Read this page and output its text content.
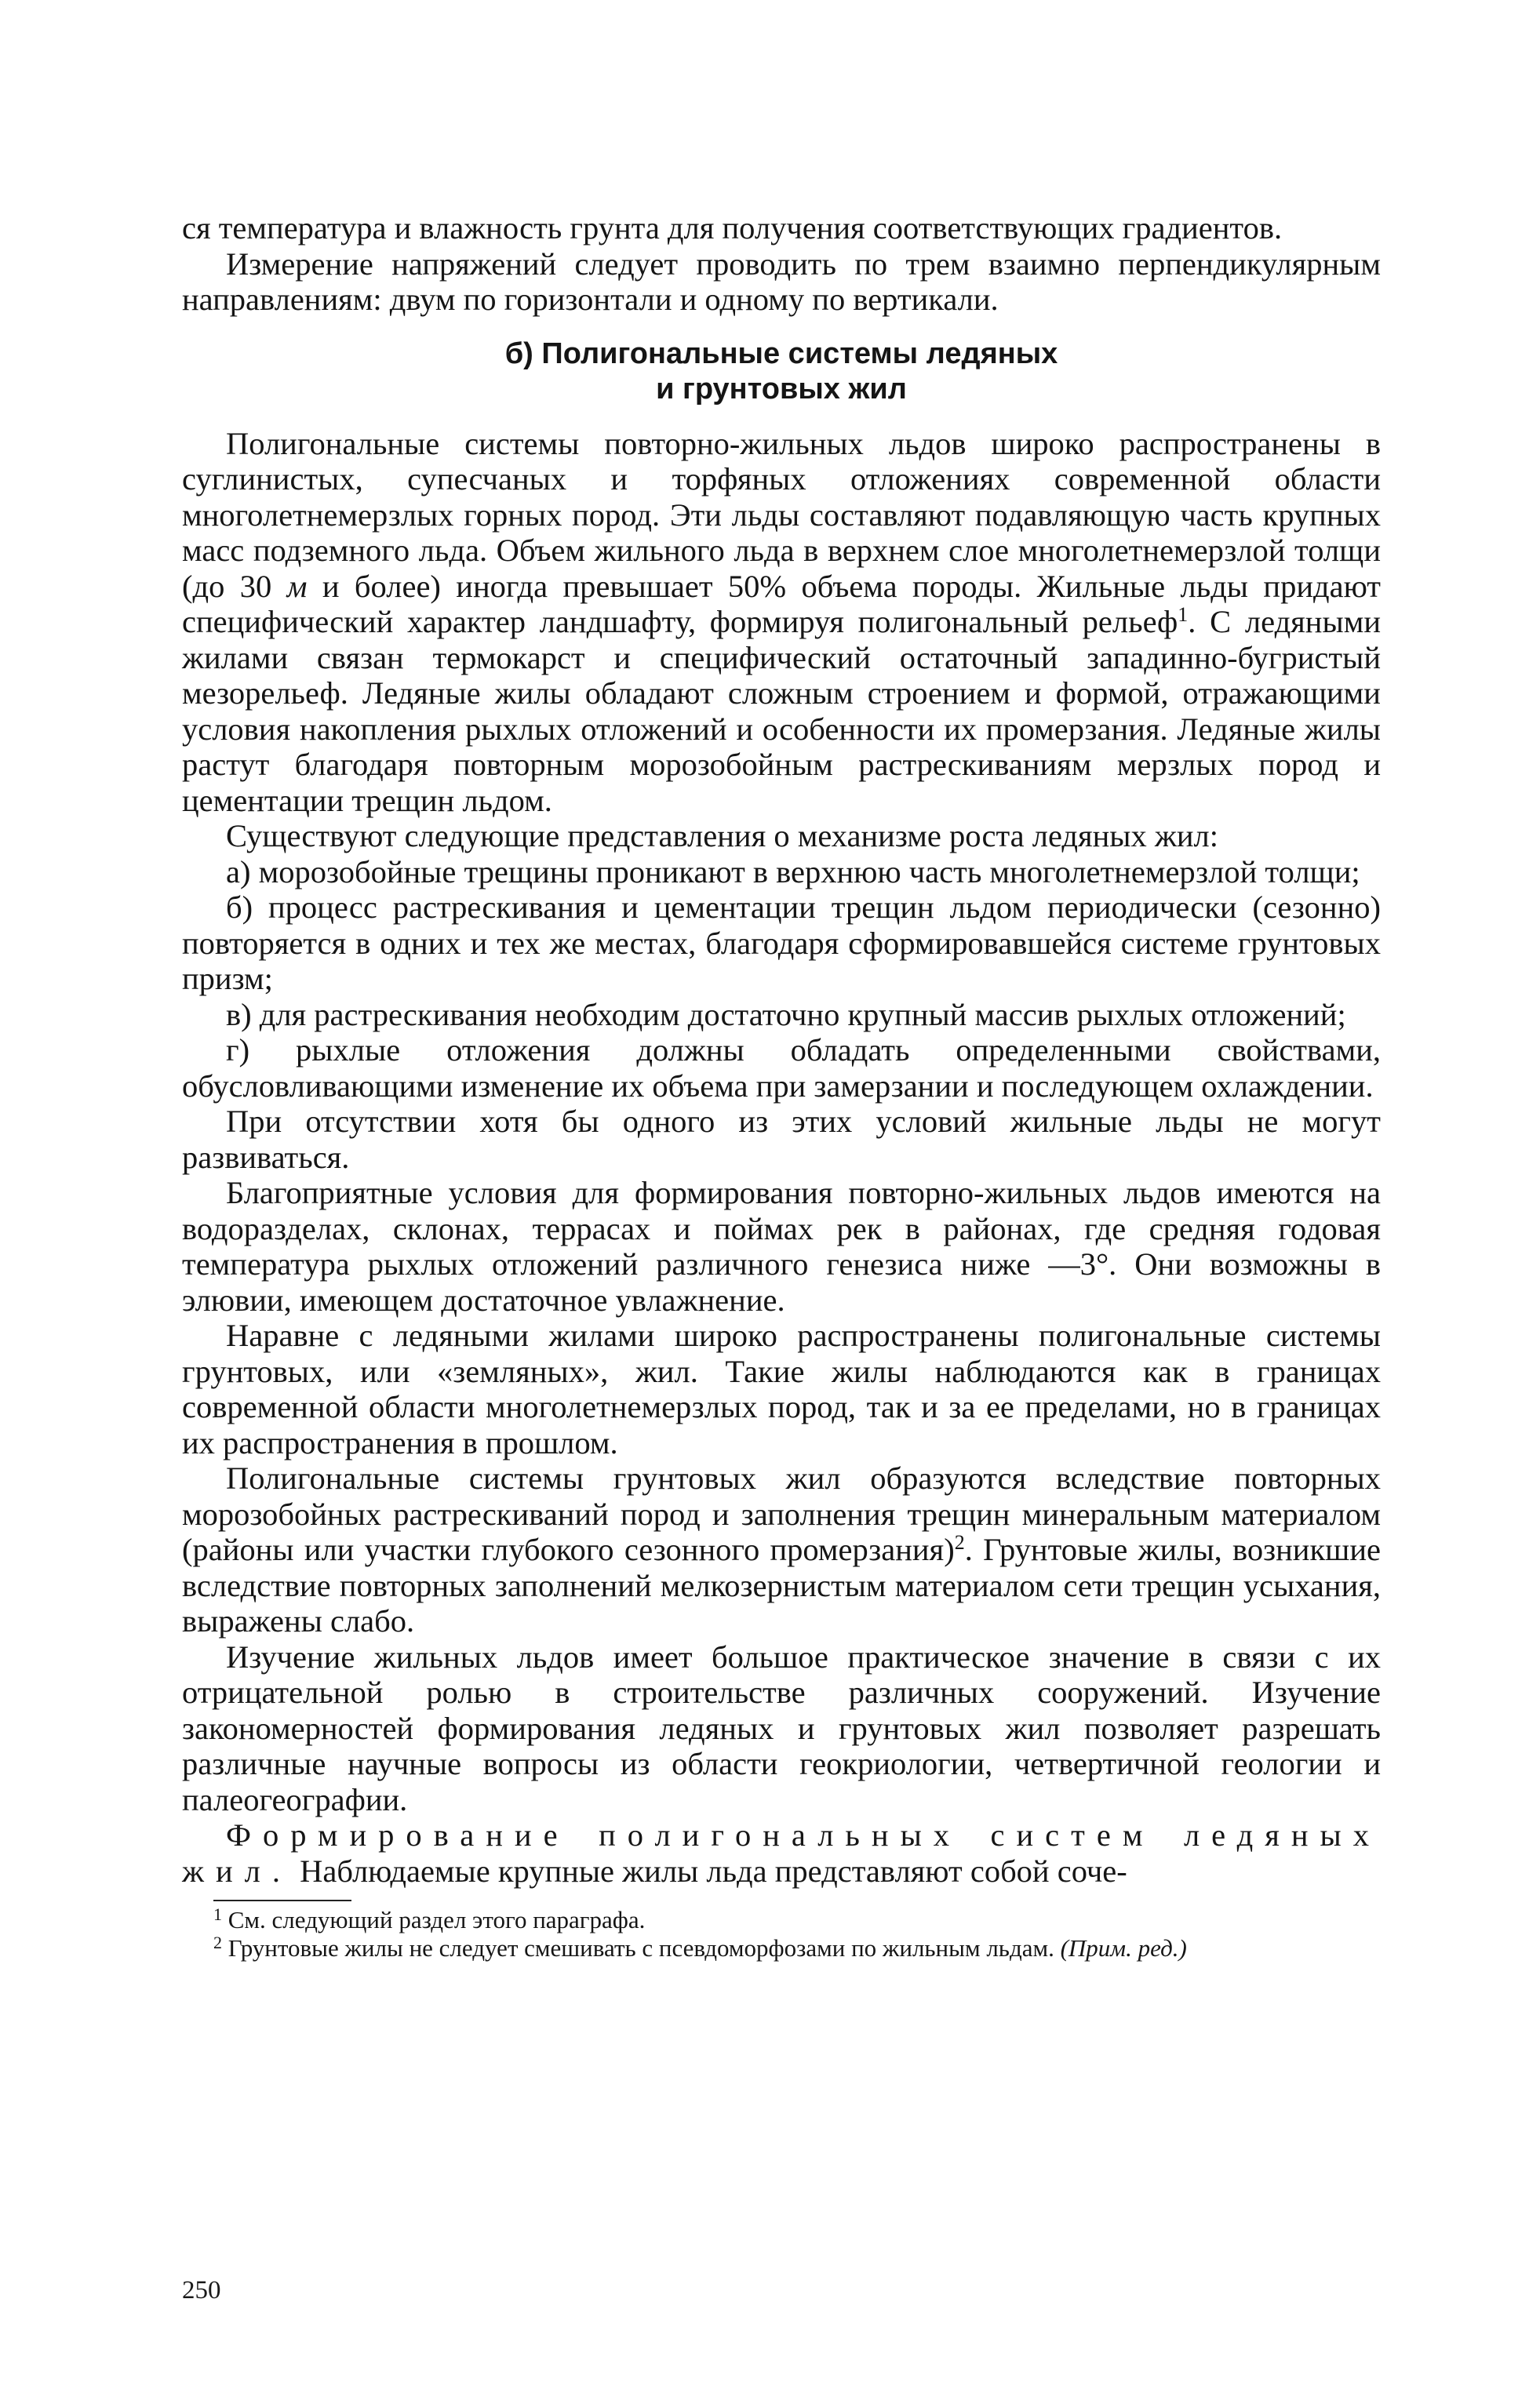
ся температура и влажность грунта для получения соответствующих градиентов.

Измерение напряжений следует проводить по трем взаимно перпендикулярным направлениям: двум по горизонтали и одному по вертикали.

б) Полигональные системы ледяных
и грунтовых жил

Полигональные системы повторно-жильных льдов широко распространены в суглинистых, супесчаных и торфяных отложениях современной области многолетнемерзлых горных пород. Эти льды составляют подавляющую часть крупных масс подземного льда. Объем жильного льда в верхнем слое многолетнемерзлой толщи (до 30 м и более) иногда превышает 50% объема породы. Жильные льды придают специфический характер ландшафту, формируя полигональный рельеф$^1$. С ледяными жилами связан термокарст и специфический остаточный западинно-бугристый мезорельеф. Ледяные жилы обладают сложным строением и формой, отражающими условия накопления рыхлых отложений и особенности их промерзания. Ледяные жилы растут благодаря повторным морозобойным растрескиваниям мерзлых пород и цементации трещин льдом.

Существуют следующие представления о механизме роста ледяных жил:

а) морозобойные трещины проникают в верхнюю часть многолетнемерзлой толщи;

б) процесс растрескивания и цементации трещин льдом периодически (сезонно) повторяется в одних и тех же местах, благодаря сформировавшейся системе грунтовых призм;

в) для растрескивания необходим достаточно крупный массив рыхлых отложений;

г) рыхлые отложения должны обладать определенными свойствами, обусловливающими изменение их объема при замерзании и последующем охлаждении.

При отсутствии хотя бы одного из этих условий жильные льды не могут развиваться.

Благоприятные условия для формирования повторно-жильных льдов имеются на водоразделах, склонах, террасах и поймах рек в районах, где средняя годовая температура рыхлых отложений различного генезиса ниже —3°. Они возможны в элювии, имеющем достаточное увлажнение.

Наравне с ледяными жилами широко распространены полигональные системы грунтовых, или «земляных», жил. Такие жилы наблюдаются как в границах современной области многолетнемерзлых пород, так и за ее пределами, но в границах их распространения в прошлом.

Полигональные системы грунтовых жил образуются вследствие повторных морозобойных растрескиваний пород и заполнения трещин минеральным материалом (районы или участки глубокого сезонного промерзания)$^2$. Грунтовые жилы, возникшие вследствие повторных заполнений мелкозернистым материалом сети трещин усыхания, выражены слабо.

Изучение жильных льдов имеет большое практическое значение в связи с их отрицательной ролью в строительстве различных сооружений. Изучение закономерностей формирования ледяных и грунтовых жил позволяет разрешать различные научные вопросы из области геокриологии, четвертичной геологии и палеогеографии.

Формирование полигональных систем ледяных жил. Наблюдаемые крупные жилы льда представляют собой соче-

$^1$ См. следующий раздел этого параграфа.

$^2$ Грунтовые жилы не следует смешивать с псевдоморфозами по жильным льдам. (Прим. ред.)

250
